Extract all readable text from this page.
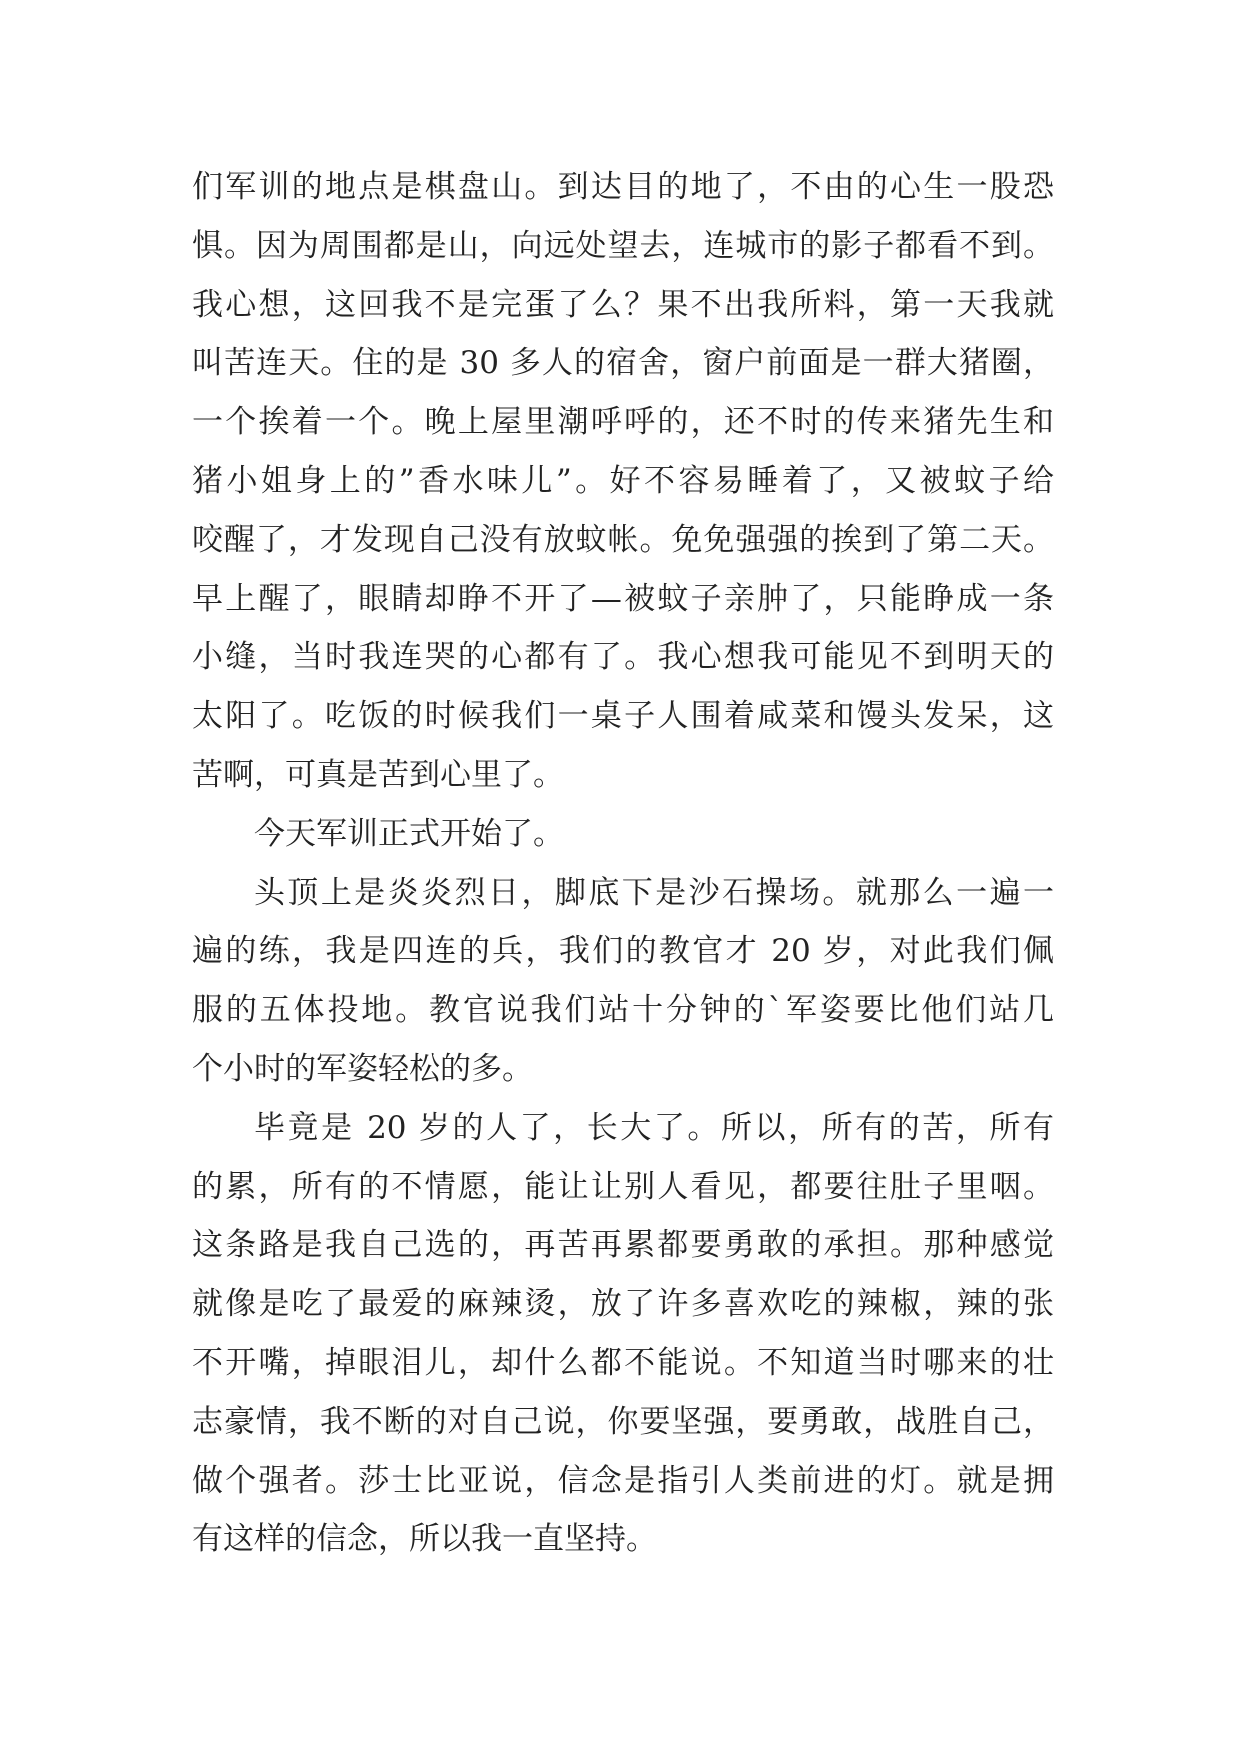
们军训的地点是棋盘山。到达目的地了，不由的心生一股恐
惧。因为周围都是山，向远处望去，连城市的影子都看不到。
我心想，这回我不是完蛋了么？果不出我所料，第一天我就
叫苦连天。住的是 30 多人的宿舍，窗户前面是一群大猪圈，
一个挨着一个。晚上屋里潮呼呼的，还不时的传来猪先生和
猪小姐身上的”香水味儿”。好不容易睡着了，又被蚊子给
咬醒了，才发现自己没有放蚊帐。免免强强的挨到了第二天。
早上醒了，眼睛却睁不开了—被蚊子亲肿了，只能睁成一条
小缝，当时我连哭的心都有了。我心想我可能见不到明天的
太阳了。吃饭的时候我们一桌子人围着咸菜和馒头发呆，这
苦啊，可真是苦到心里了。
今天军训正式开始了。
头顶上是炎炎烈日，脚底下是沙石操场。就那么一遍一
遍的练，我是四连的兵，我们的教官才 20 岁，对此我们佩
服的五体投地。教官说我们站十分钟的`军姿要比他们站几
个小时的军姿轻松的多。
毕竟是 20 岁的人了，长大了。所以，所有的苦，所有
的累，所有的不情愿，能让让别人看见，都要往肚子里咽。
这条路是我自己选的，再苦再累都要勇敢的承担。那种感觉
就像是吃了最爱的麻辣烫，放了许多喜欢吃的辣椒，辣的张
不开嘴，掉眼泪儿，却什么都不能说。不知道当时哪来的壮
志豪情，我不断的对自己说，你要坚强，要勇敢，战胜自己，
做个强者。莎士比亚说，信念是指引人类前进的灯。就是拥
有这样的信念，所以我一直坚持。
